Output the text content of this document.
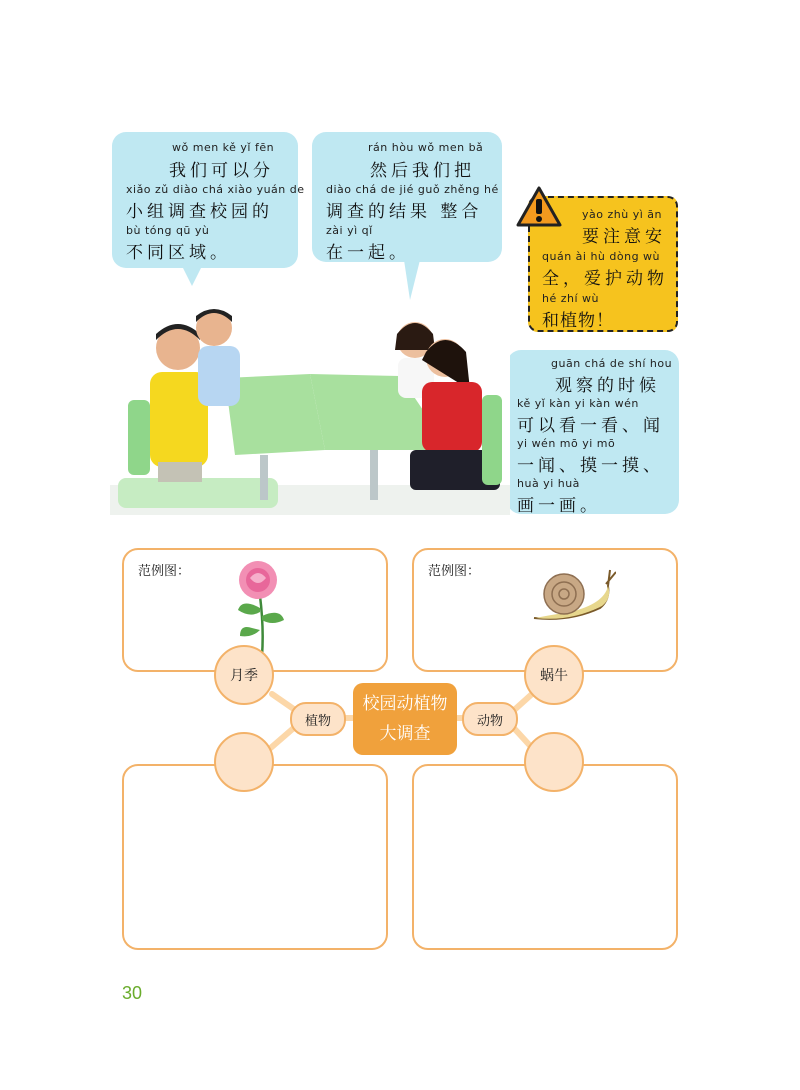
wǒ men kě yǐ fēn
我们可以分
xiǎo zǔ diào chá xiào yuán de
小组调查校园的
bù tóng qū yù
不同区域。
rán hòu wǒ men bǎ
然后我们把
diào chá de jié guǒ zhěng hé
调查的结果 整合
zài yì qǐ
在一起。
yào zhù yì ān
要注意安
quán ài hù dòng wù
全，爱护动物
hé zhí wù
和植物！
guān chá de shí hou
观察的时候
kě yǐ kàn yi kàn wén
可以看一看、闻
yi wén mō yi mō
一闻、摸一摸、
huà yi huà
画一画。
范例图：	范例图：
月季	蜗牛
植物	动物
校园动植物
大调查
30
